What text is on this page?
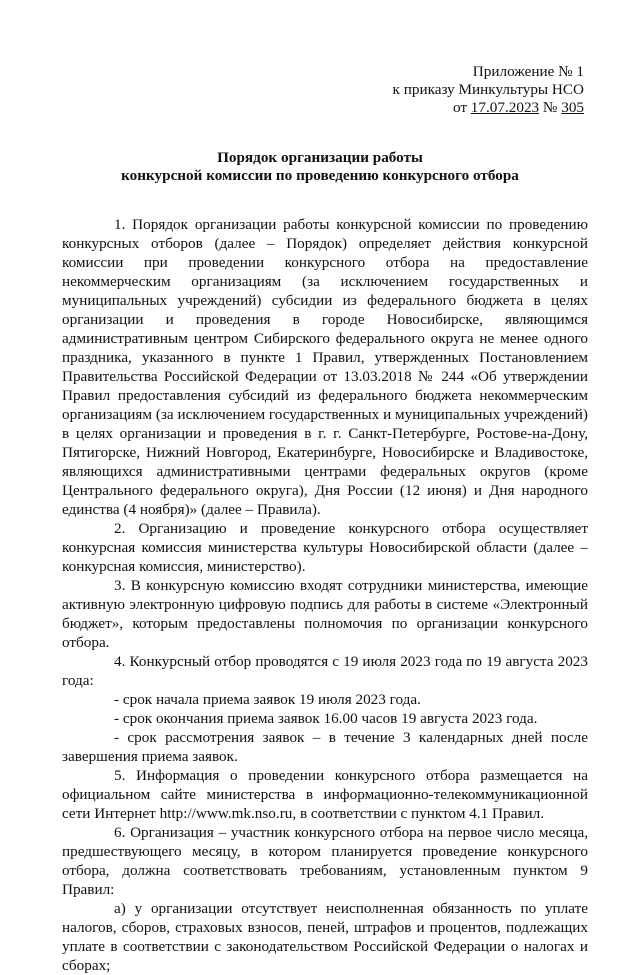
Приложение № 1
к приказу Минкультуры НСО
от 17.07.2023 № 305
Порядок организации работы
конкурсной комиссии по проведению конкурсного отбора

1. Порядок организации работы конкурсной комиссии по проведению конкурсных отборов (далее – Порядок) определяет действия конкурсной комиссии при проведении конкурсного отбора на предоставление некоммерческим организациям (за исключением государственных и муниципальных учреждений) субсидии из федерального бюджета в целях организации и проведения в городе Новосибирске, являющимся административным центром Сибирского федерального округа не менее одного праздника, указанного в пункте 1 Правил, утвержденных Постановлением Правительства Российской Федерации от 13.03.2018 № 244 «Об утверждении Правил предоставления субсидий из федерального бюджета некоммерческим организациям (за исключением государственных и муниципальных учреждений) в целях организации и проведения в г. г. Санкт-Петербурге, Ростове-на-Дону, Пятигорске, Нижний Новгород, Екатеринбурге, Новосибирске и Владивостоке, являющихся административными центрами федеральных округов (кроме Центрального федерального округа), Дня России (12 июня) и Дня народного единства (4 ноября)» (далее – Правила).

2. Организацию и проведение конкурсного отбора осуществляет конкурсная комиссия министерства культуры Новосибирской области (далее – конкурсная комиссия, министерство).

3. В конкурсную комиссию входят сотрудники министерства, имеющие активную электронную цифровую подпись для работы в системе «Электронный бюджет», которым предоставлены полномочия по организации конкурсного отбора.

4. Конкурсный отбор проводятся с 19 июля 2023 года по 19 августа 2023 года:

- срок начала приема заявок 19 июля 2023 года.

- срок окончания приема заявок 16.00 часов 19 августа 2023 года.

- срок рассмотрения заявок – в течение 3 календарных дней после завершения приема заявок.

5. Информация о проведении конкурсного отбора размещается на официальном сайте министерства в информационно-телекоммуникационной сети Интернет http://www.mk.nso.ru, в соответствии с пунктом 4.1 Правил.

6. Организация – участник конкурсного отбора на первое число месяца, предшествующего месяцу, в котором планируется проведение конкурсного отбора, должна соответствовать требованиям, установленным пунктом 9 Правил:

а) у организации отсутствует неисполненная обязанность по уплате налогов, сборов, страховых взносов, пеней, штрафов и процентов, подлежащих уплате в соответствии с законодательством Российской Федерации о налогах и сборах;
